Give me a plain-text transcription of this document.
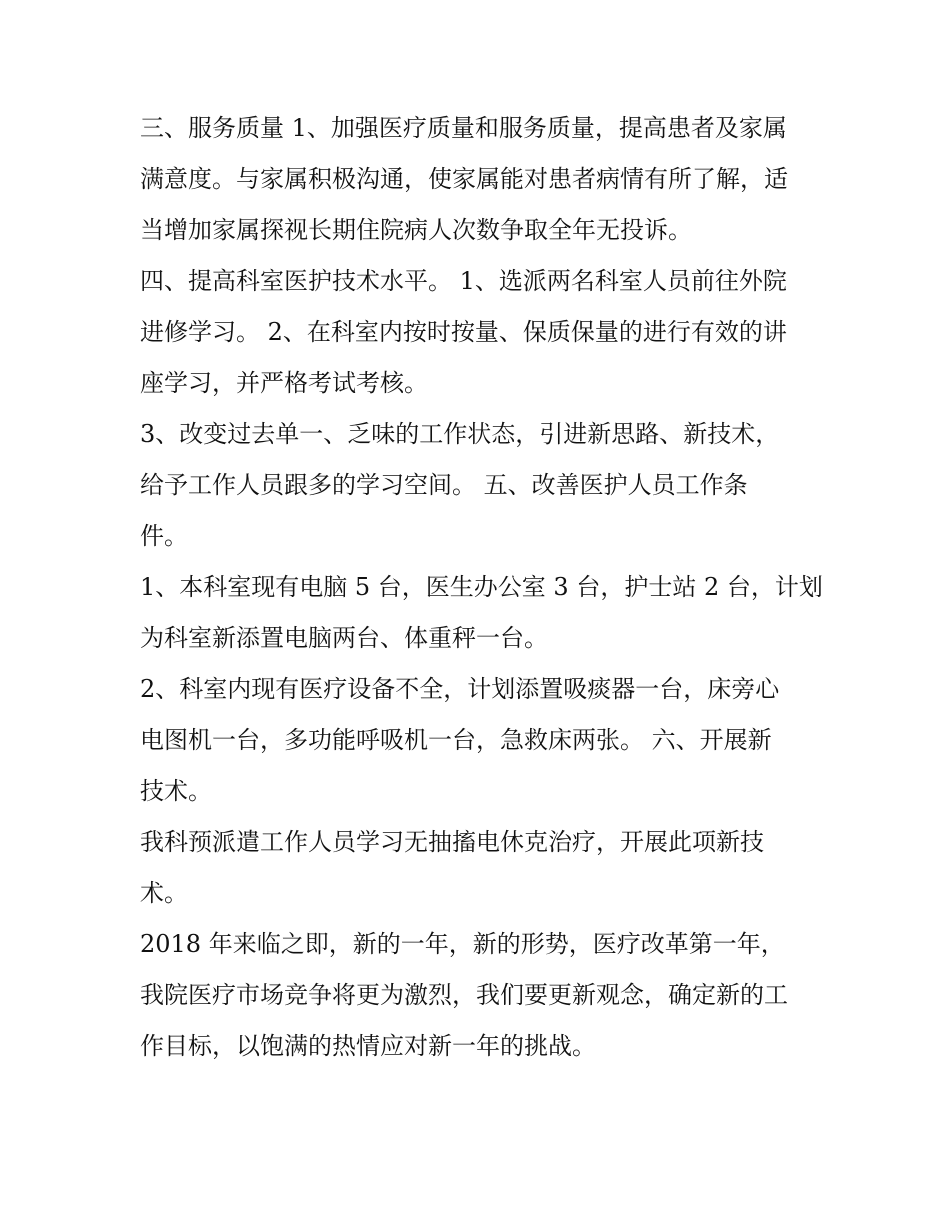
三、服务质量 1、加强医疗质量和服务质量，提高患者及家属
满意度。与家属积极沟通，使家属能对患者病情有所了解，适
当增加家属探视长期住院病人次数争取全年无投诉。
四、提高科室医护技术水平。 1、选派两名科室人员前往外院
进修学习。 2、在科室内按时按量、保质保量的进行有效的讲
座学习，并严格考试考核。
3、改变过去单一、乏味的工作状态，引进新思路、新技术，
给予工作人员跟多的学习空间。 五、改善医护人员工作条
件。
1、本科室现有电脑 5 台，医生办公室 3 台，护士站 2 台，计划
为科室新添置电脑两台、体重秤一台。
2、科室内现有医疗设备不全，计划添置吸痰器一台，床旁心
电图机一台，多功能呼吸机一台，急救床两张。 六、开展新
技术。
我科预派遣工作人员学习无抽搐电休克治疗，开展此项新技
术。
2018 年来临之即，新的一年，新的形势，医疗改革第一年，
我院医疗市场竞争将更为激烈，我们要更新观念，确定新的工
作目标，以饱满的热情应对新一年的挑战。
